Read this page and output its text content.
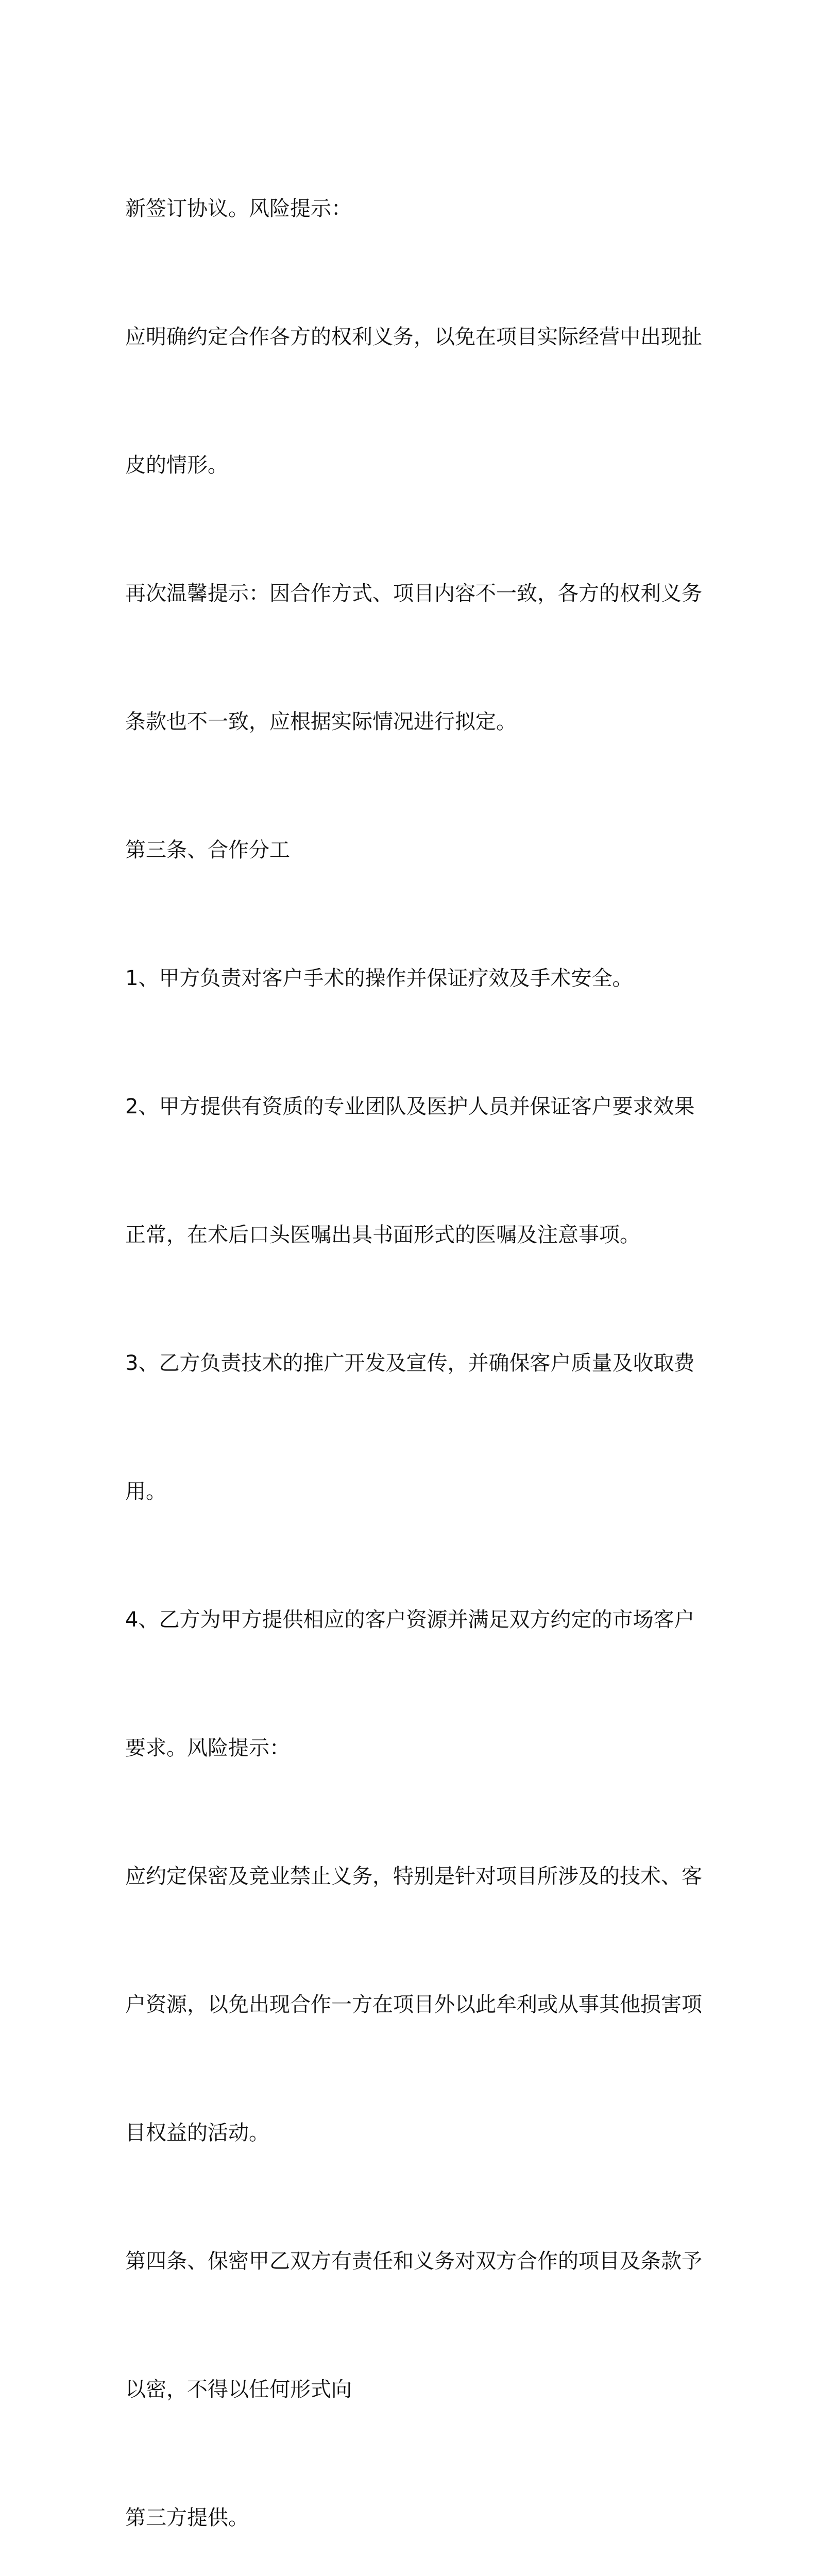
新签订协议。风险提示：

应明确约定合作各方的权利义务，以免在项目实际经营中出现扯

皮的情形。

再次温馨提示：因合作方式、项目内容不一致，各方的权利义务

条款也不一致，应根据实际情况进行拟定。

第三条、合作分工

1、甲方负责对客户手术的操作并保证疗效及手术安全。

2、甲方提供有资质的专业团队及医护人员并保证客户要求效果

正常，在术后口头医嘱出具书面形式的医嘱及注意事项。

3、乙方负责技术的推广开发及宣传，并确保客户质量及收取费

用。

4、乙方为甲方提供相应的客户资源并满足双方约定的市场客户

要求。风险提示：

应约定保密及竞业禁止义务，特别是针对项目所涉及的技术、客

户资源，以免出现合作一方在项目外以此牟利或从事其他损害项

目权益的活动。

第四条、保密甲乙双方有责任和义务对双方合作的项目及条款予

以密，不得以任何形式向

第三方提供。
